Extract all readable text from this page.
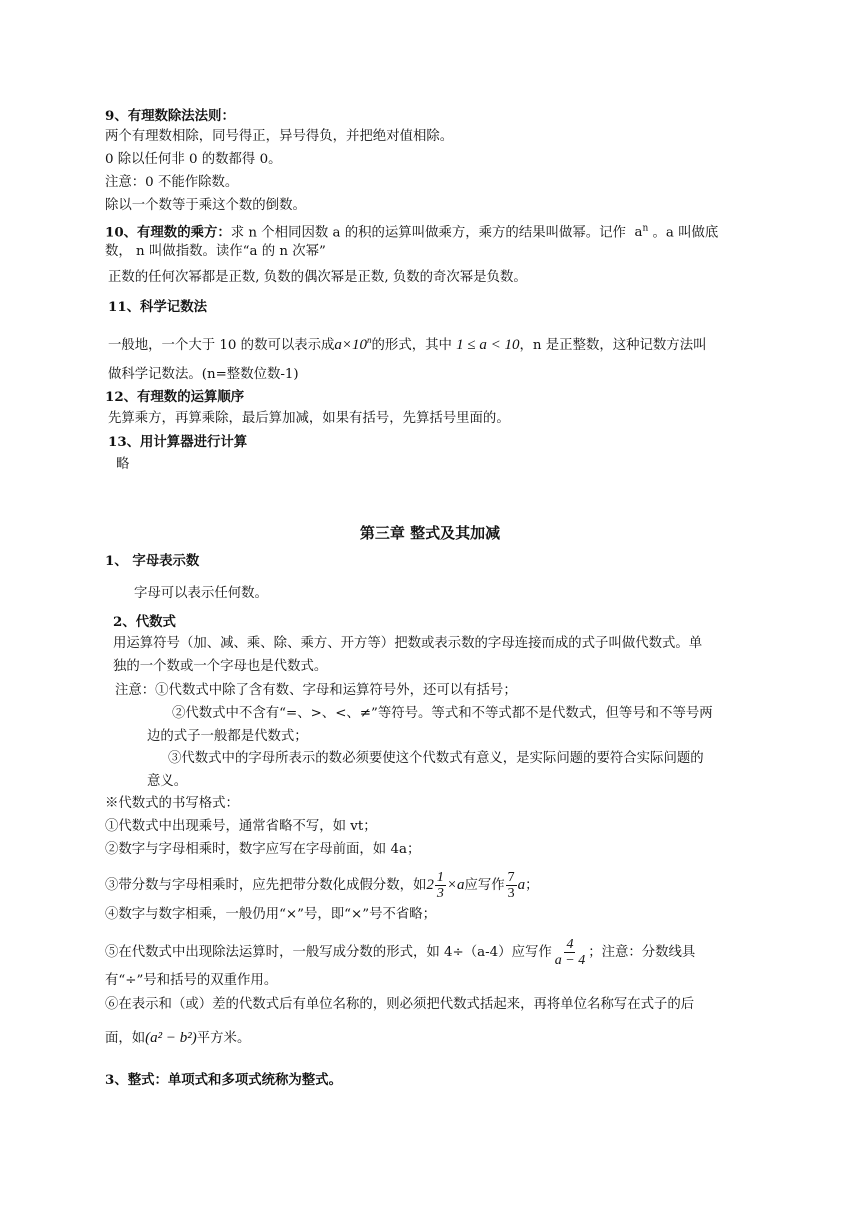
9、有理数除法法则：
两个有理数相除，同号得正，异号得负，并把绝对值相除。
0 除以任何非 0 的数都得 0。
注意：0 不能作除数。
除以一个数等于乘这个数的倒数。
10、有理数的乘方：求 n 个相同因数 a 的积的运算叫做乘方，乘方的结果叫做幂。记作 $a^n$ 。a 叫做底
数， n 叫做指数。读作“a 的 n 次幂”
正数的任何次幂都是正数, 负数的偶次幂是正数, 负数的奇次幂是负数。
11、科学记数法
一般地，一个大于 10 的数可以表示成$a\times 10^n$的形式，其中 1 ≤ a < 10，n 是正整数，这种记数方法叫
做科学记数法。(n=整数位数-1)
12、有理数的运算顺序
先算乘方，再算乘除，最后算加减，如果有括号，先算括号里面的。
13、用计算器进行计算
略
第三章 整式及其加减
1、 字母表示数
字母可以表示任何数。
2、代数式
用运算符号（加、减、乘、除、乘方、开方等）把数或表示数的字母连接而成的式子叫做代数式。单
独的一个数或一个字母也是代数式。
注意：①代数式中除了含有数、字母和运算符号外，还可以有括号；
②代数式中不含有“=、>、<、≠”等符号。等式和不等式都不是代数式，但等号和不等号两
边的式子一般都是代数式；
③代数式中的字母所表示的数必须要使这个代数式有意义，是实际问题的要符合实际问题的
意义。
※代数式的书写格式：
①代数式中出现乘号，通常省略不写，如 vt；
②数字与字母相乘时，数字应写在字母前面，如 4a；
③带分数与字母相乘时，应先把带分数化成假分数，如$2 \frac{1}{3} \times a$应写作 $\frac{7}{3}$ a；
④数字与数字相乘，一般仍用“×”号，即“×”号不省略；
⑤在代数式中出现除法运算时，一般写成分数的形式，如 4÷（a-4）应写作 $\frac{4}{a - 4}$ ；注意：分数线具
有“÷”号和括号的双重作用。
⑥在表示和（或）差的代数式后有单位名称的，则必须把代数式括起来，再将单位名称写在式子的后
面，如(a² − b²)平方米。
3、整式：单项式和多项式统称为整式。
